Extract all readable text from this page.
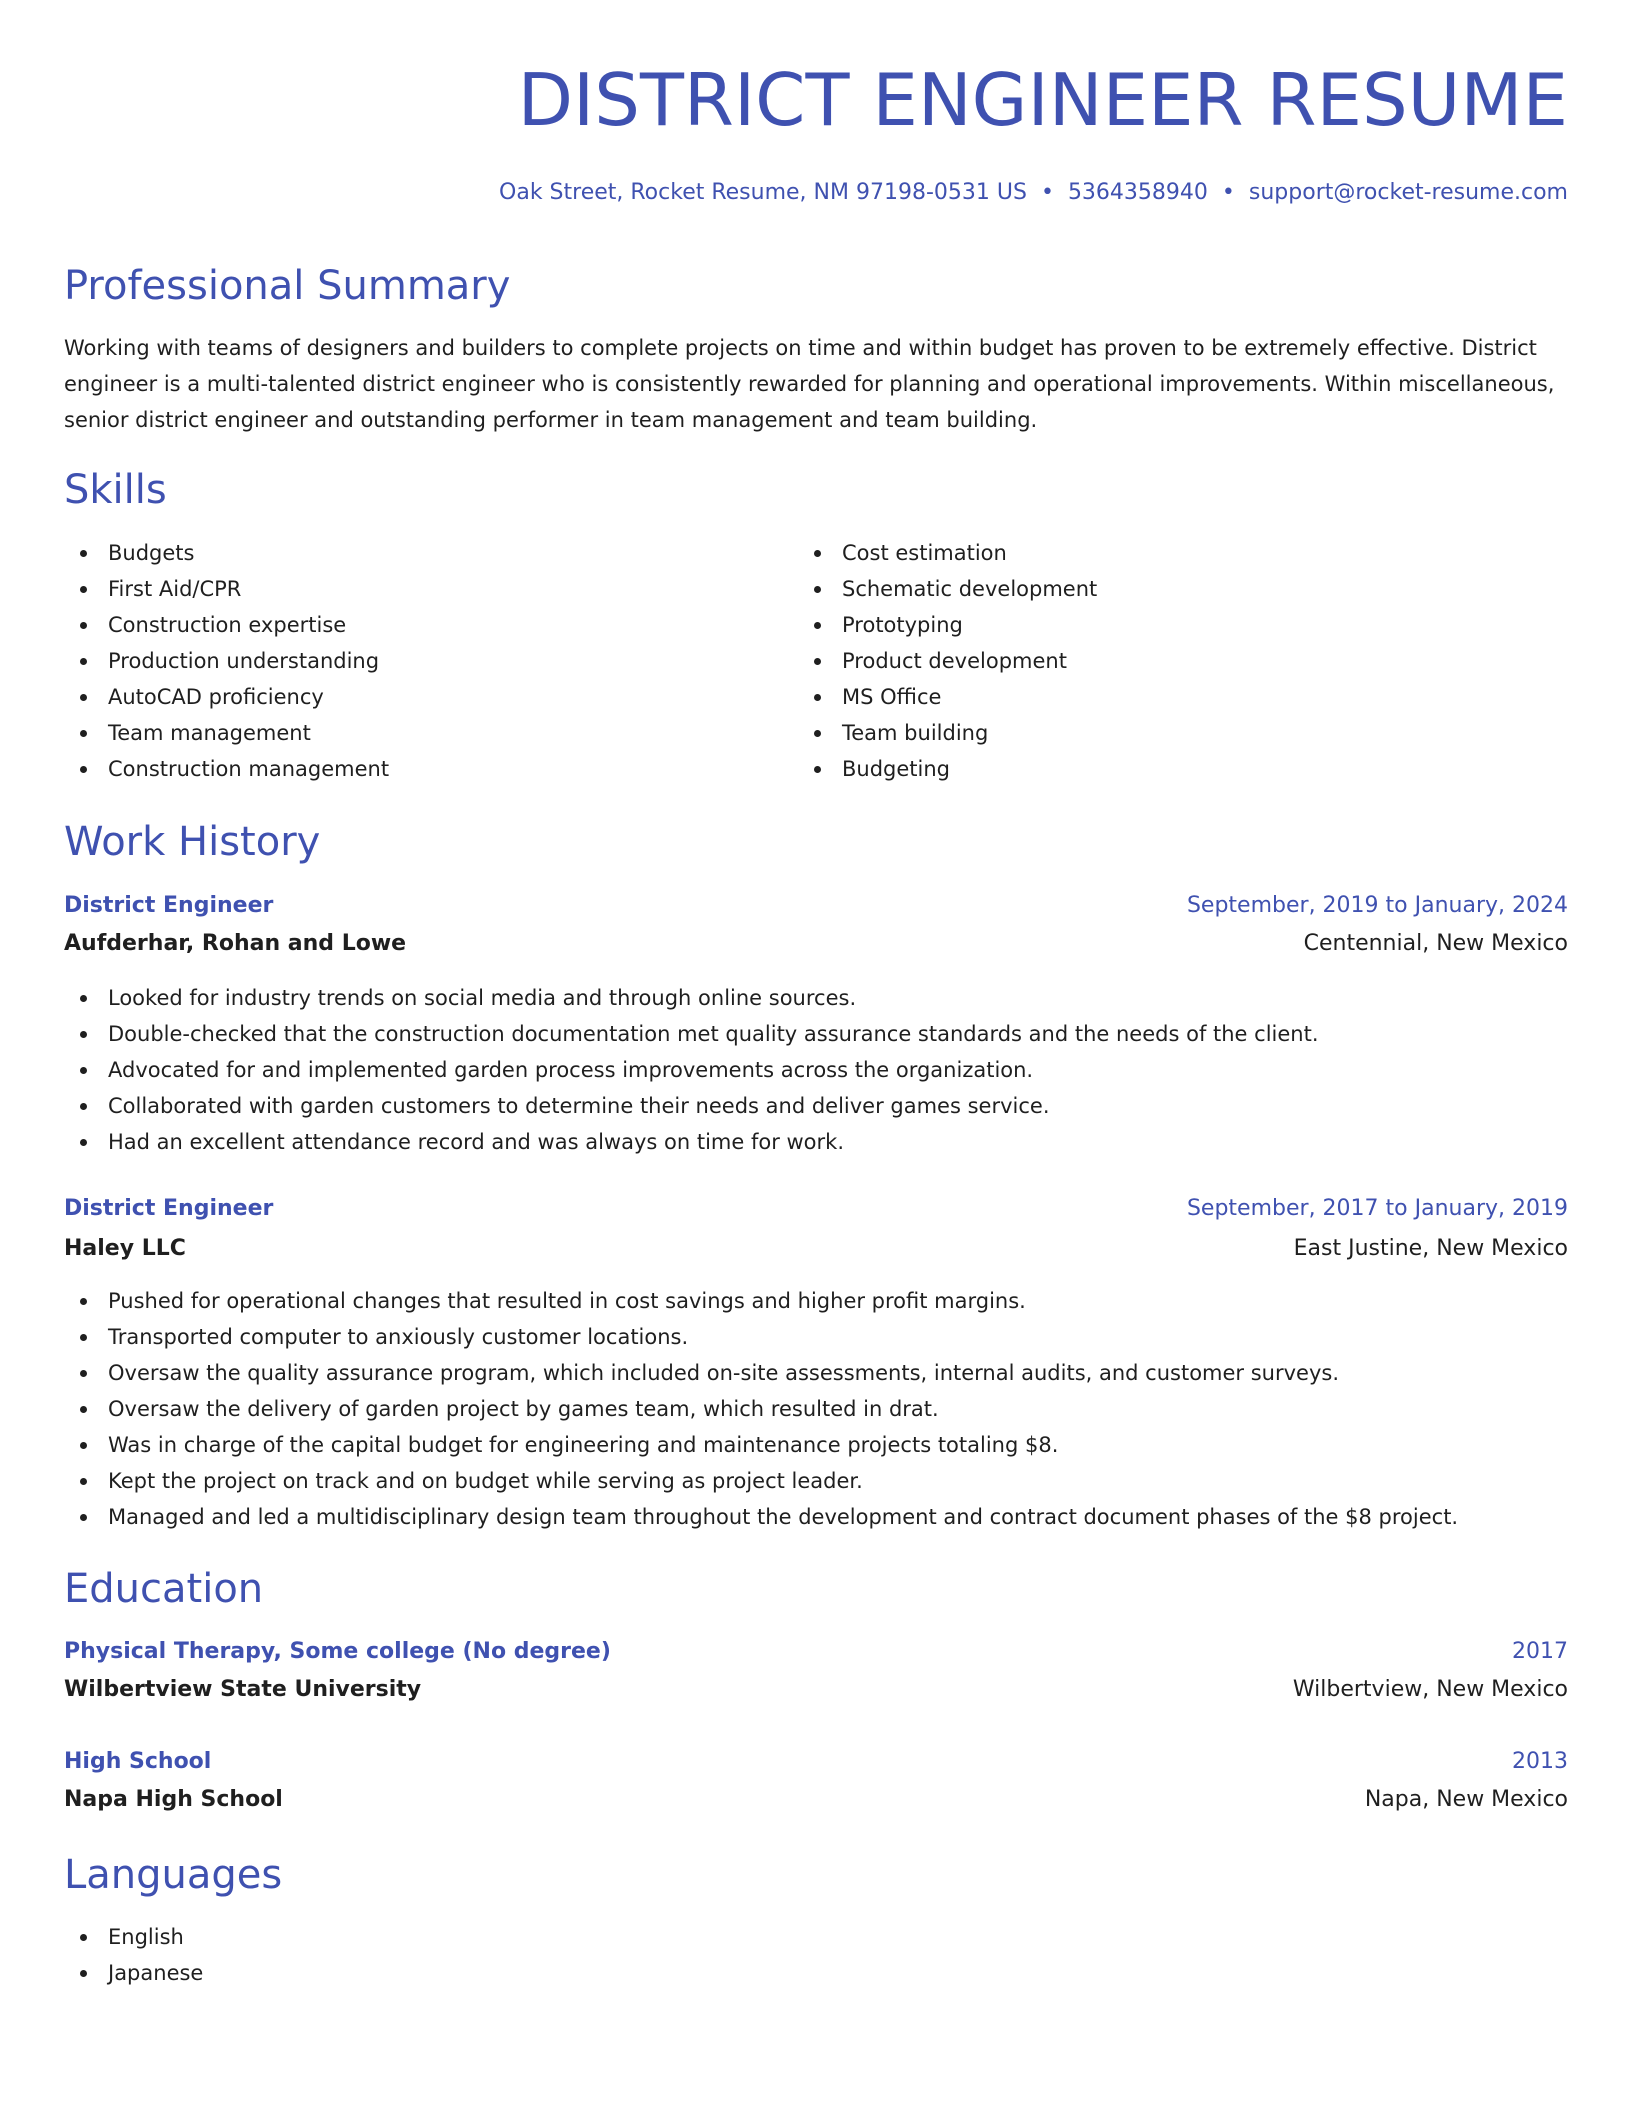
DISTRICT ENGINEER RESUME
Oak Street, Rocket Resume, NM 97198-0531 US • 5364358940 • support@rocket-resume.com
Professional Summary
Working with teams of designers and builders to complete projects on time and within budget has proven to be extremely effective. District engineer is a multi-talented district engineer who is consistently rewarded for planning and operational improvements. Within miscellaneous, senior district engineer and outstanding performer in team management and team building.
Skills
Budgets
First Aid/CPR
Construction expertise
Production understanding
AutoCAD proficiency
Team management
Construction management
Cost estimation
Schematic development
Prototyping
Product development
MS Office
Team building
Budgeting
Work History
District Engineer	September, 2019 to January, 2024
Aufderhar, Rohan and Lowe	Centennial, New Mexico
Looked for industry trends on social media and through online sources.
Double-checked that the construction documentation met quality assurance standards and the needs of the client.
Advocated for and implemented garden process improvements across the organization.
Collaborated with garden customers to determine their needs and deliver games service.
Had an excellent attendance record and was always on time for work.
District Engineer	September, 2017 to January, 2019
Haley LLC	East Justine, New Mexico
Pushed for operational changes that resulted in cost savings and higher profit margins.
Transported computer to anxiously customer locations.
Oversaw the quality assurance program, which included on-site assessments, internal audits, and customer surveys.
Oversaw the delivery of garden project by games team, which resulted in drat.
Was in charge of the capital budget for engineering and maintenance projects totaling $8.
Kept the project on track and on budget while serving as project leader.
Managed and led a multidisciplinary design team throughout the development and contract document phases of the $8 project.
Education
Physical Therapy, Some college (No degree)	2017
Wilbertview State University	Wilbertview, New Mexico
High School	2013
Napa High School	Napa, New Mexico
Languages
English
Japanese
